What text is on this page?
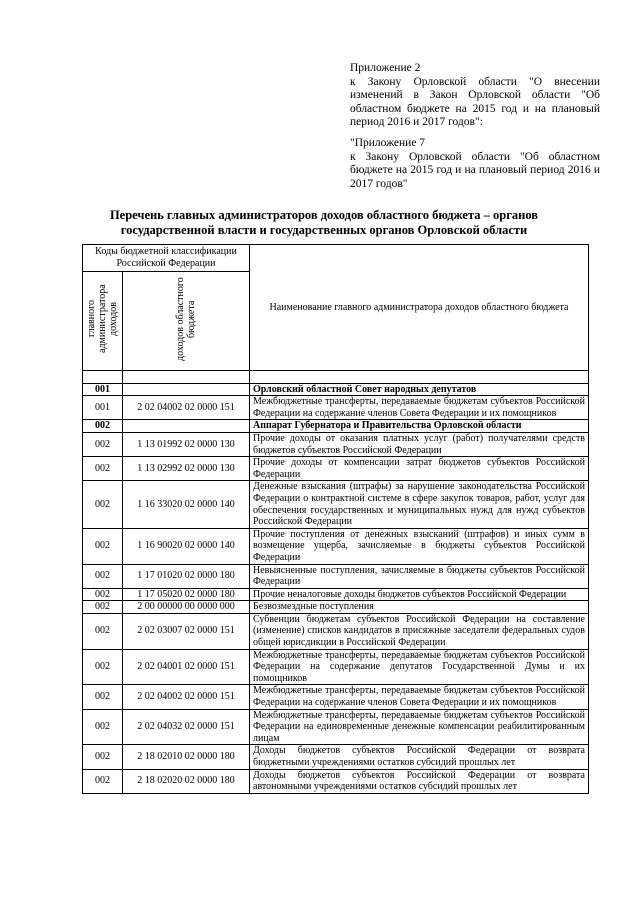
Приложение 2

к Закону Орловской области "О внесении изменений в Закон Орловской области "Об областном бюджете на 2015 год и на плановый период 2016 и 2017 годов":

"Приложение 7

к Закону Орловской области "Об областном бюджете на 2015 год и на плановый период 2016 и 2017 годов"

Перечень главных администраторов доходов областного бюджета – органов государственной власти и государственных органов Орловской области
Коды бюджетной классификации Российской Федерации		Наименование главного администратора доходов областного бюджета
главного администратора доходов	доходов областного бюджета	

001		Орловский областной Совет народных депутатов
001	2 02 04002 02 0000 151	Межбюджетные трансферты, передаваемые бюджетам субъектов Российской Федерации на содержание членов Совета Федерации и их помощников
002		Аппарат Губернатора и Правительства Орловской области
002	1 13 01992 02 0000 130	Прочие доходы от оказания платных услуг (работ) получателями средств бюджетов субъектов Российской Федерации
002	1 13 02992 02 0000 130	Прочие доходы от компенсации затрат бюджетов субъектов Российской Федерации
002	1 16 33020 02 0000 140	Денежные взыскания (штрафы) за нарушение законодательства Российской Федерации о контрактной системе в сфере закупок товаров, работ, услуг для обеспечения государственных и муниципальных нужд для нужд субъектов Российской Федерации
002	1 16 90020 02 0000 140	Прочие поступления от денежных взысканий (штрафов) и иных сумм в возмещение ущерба, зачисляемые в бюджеты субъектов Российской Федерации
002	1 17 01020 02 0000 180	Невыясненные поступления, зачисляемые в бюджеты субъектов Российской Федерации
002	1 17 05020 02 0000 180	Прочие неналоговые доходы бюджетов субъектов Российской Федерации
002	2 00 00000 00 0000 000	Безвозмездные поступления
002	2 02 03007 02 0000 151	Субвенции бюджетам субъектов Российской Федерации на составление (изменение) списков кандидатов в присяжные заседатели федеральных судов общей юрисдикции в Российской Федерации
002	2 02 04001 02 0000 151	Межбюджетные трансферты, передаваемые бюджетам субъектов Российской Федерации на содержание депутатов Государственной Думы и их помощников
002	2 02 04002 02 0000 151	Межбюджетные трансферты, передаваемые бюджетам субъектов Российской Федерации на содержание членов Совета Федерации и их помощников
002	2 02 04032 02 0000 151	Межбюджетные трансферты, передаваемые бюджетам субъектов Российской Федерации на единовременные денежные компенсации реабилитированным лицам
002	2 18 02010 02 0000 180	Доходы бюджетов субъектов Российской Федерации от возврата бюджетными учреждениями остатков субсидий прошлых лет
002	2 18 02020 02 0000 180	Доходы бюджетов субъектов Российской Федерации от возврата автономными учреждениями остатков субсидий прошлых лет
